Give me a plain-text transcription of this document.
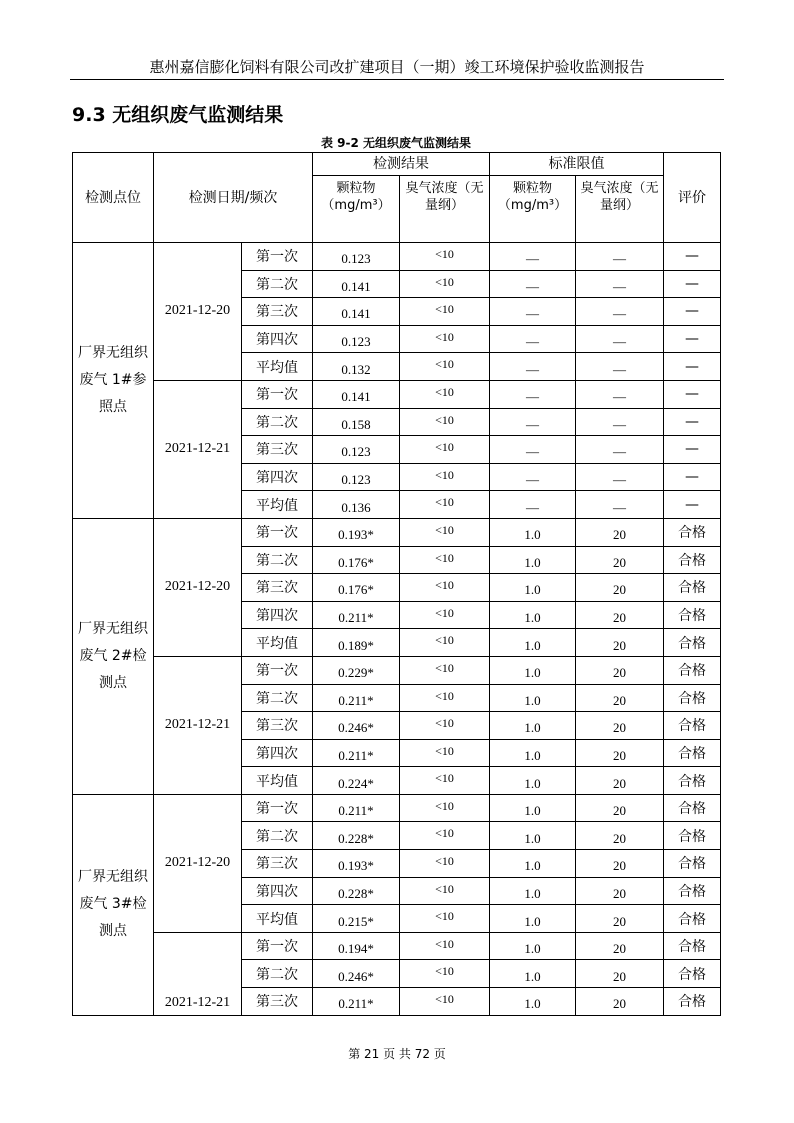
惠州嘉信膨化饲料有限公司改扩建项目（一期）竣工环境保护验收监测报告
9.3 无组织废气监测结果
表 9-2 无组织废气监测结果
检测点位	检测日期/频次		检测结果		标准限值		评价
			颗粒物（mg/m³）	臭气浓度（无量纲）	颗粒物（mg/m³）	臭气浓度（无量纲）	
厂界无组织废气 1#参照点	2021-12-20	第一次	0.123	<10	—	—	—
		第二次	0.141	<10	—	—	—
		第三次	0.141	<10	—	—	—
		第四次	0.123	<10	—	—	—
		平均值	0.132	<10	—	—	—
	2021-12-21	第一次	0.141	<10	—	—	—
		第二次	0.158	<10	—	—	—
		第三次	0.123	<10	—	—	—
		第四次	0.123	<10	—	—	—
		平均值	0.136	<10	—	—	—
厂界无组织废气 2#检测点	2021-12-20	第一次	0.193*	<10	1.0	20	合格
		第二次	0.176*	<10	1.0	20	合格
		第三次	0.176*	<10	1.0	20	合格
		第四次	0.211*	<10	1.0	20	合格
		平均值	0.189*	<10	1.0	20	合格
	2021-12-21	第一次	0.229*	<10	1.0	20	合格
		第二次	0.211*	<10	1.0	20	合格
		第三次	0.246*	<10	1.0	20	合格
		第四次	0.211*	<10	1.0	20	合格
		平均值	0.224*	<10	1.0	20	合格
厂界无组织废气 3#检测点	2021-12-20	第一次	0.211*	<10	1.0	20	合格
		第二次	0.228*	<10	1.0	20	合格
		第三次	0.193*	<10	1.0	20	合格
		第四次	0.228*	<10	1.0	20	合格
		平均值	0.215*	<10	1.0	20	合格
	2021-12-21	第一次	0.194*	<10	1.0	20	合格
		第二次	0.246*	<10	1.0	20	合格
		第三次	0.211*	<10	1.0	20	合格
第 21 页 共 72 页
